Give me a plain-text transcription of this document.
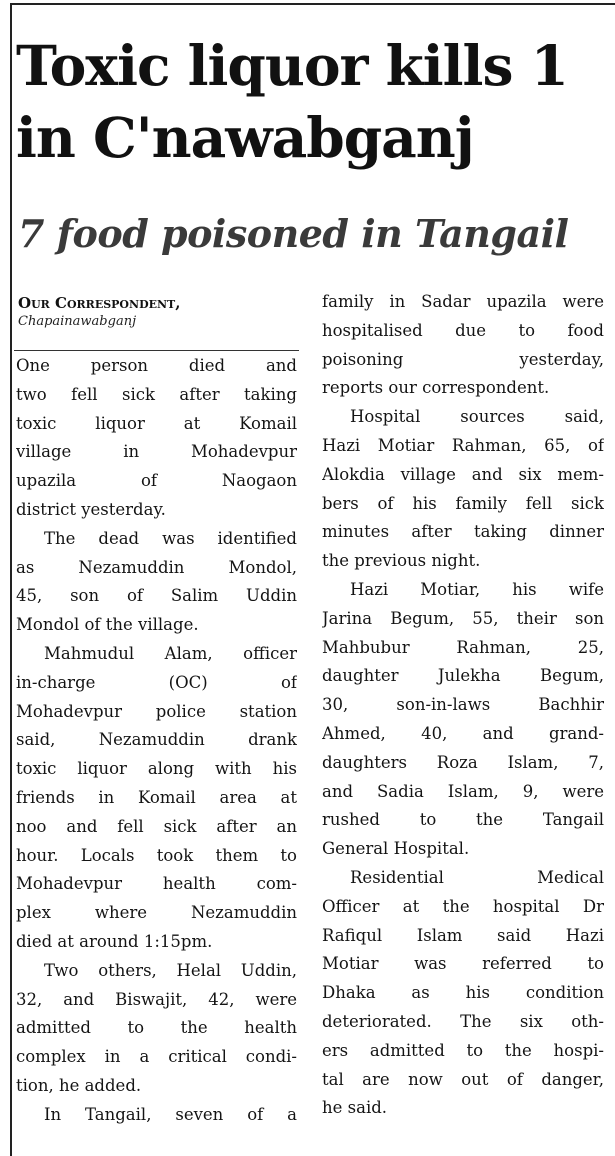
Toxic liquor kills 1
in C'nawabganj
7 food poisoned in Tangail
Our Correspondent,
Chapainawabganj
One person died and
two fell sick after taking
toxic liquor at Komail
village in Mohadevpur
upazila of Naogaon
district yesterday.
The dead was identified
as Nezamuddin Mondol,
45, son of Salim Uddin
Mondol of the village.
Mahmudul Alam, officer
in-charge (OC) of
Mohadevpur police station
said, Nezamuddin drank
toxic liquor along with his
friends in Komail area at
noo and fell sick after an
hour. Locals took them to
Mohadevpur health com-
plex where Nezamuddin
died at around 1:15pm.
Two others, Helal Uddin,
32, and Biswajit, 42, were
admitted to the health
complex in a critical condi-
tion, he added.
In Tangail, seven of a
family in Sadar upazila were
hospitalised due to food
poisoning yesterday,
reports our correspondent.
Hospital sources said,
Hazi Motiar Rahman, 65, of
Alokdia village and six mem-
bers of his family fell sick
minutes after taking dinner
the previous night.
Hazi Motiar, his wife
Jarina Begum, 55, their son
Mahbubur Rahman, 25,
daughter Julekha Begum,
30, son-in-laws Bachhir
Ahmed, 40, and grand-
daughters Roza Islam, 7,
and Sadia Islam, 9, were
rushed to the Tangail
General Hospital.
Residential Medical
Officer at the hospital Dr
Rafiqul Islam said Hazi
Motiar was referred to
Dhaka as his condition
deteriorated. The six oth-
ers admitted to the hospi-
tal are now out of danger,
he said.
